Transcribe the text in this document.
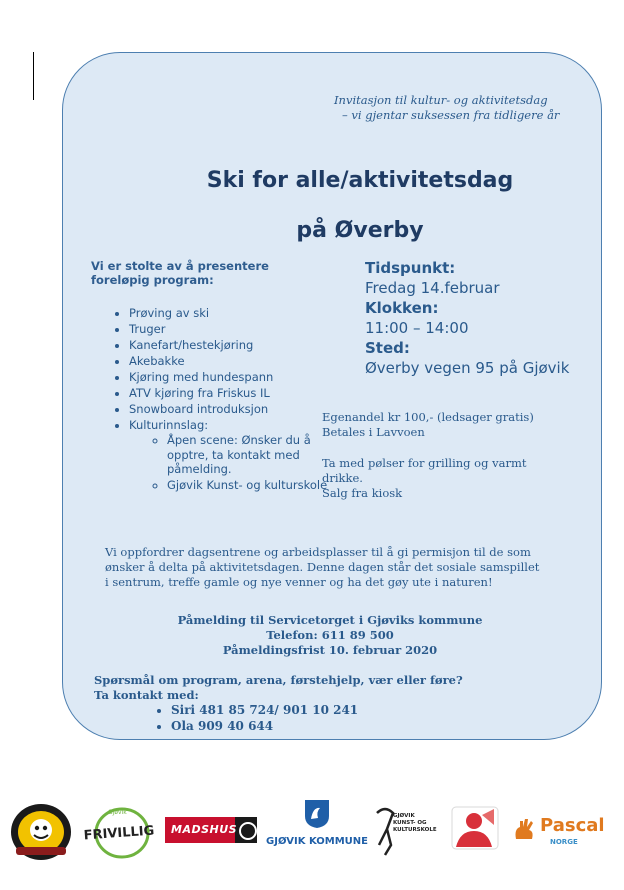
Invitasjon til kultur- og aktivitetsdag
– vi gjentar suksessen fra tidligere år
Ski for alle/aktivitetsdag
på Øverby
Vi er stolte av å presentere foreløpig program:
• Prøving av ski
• Truger
• Kanefart/hestekjøring
• Akebakke
• Kjøring med hundespann
• ATV kjøring fra Friskus IL
• Snowboard introduksjon
• Kulturinnslag:
◦ Åpen scene: Ønsker du å opptre, ta kontakt med påmelding.
◦ Gjøvik Kunst- og kulturskole
Tidspunkt:
Fredag 14.februar
Klokken:
11:00 – 14:00
Sted:
Øverby vegen 95 på Gjøvik
Egenandel kr 100,- (ledsager gratis)
Betales i Lavvoen
Ta med pølser for grilling og varmt drikke.
Salg fra kiosk
Vi oppfordrer dagsentrene og arbeidsplasser til å gi permisjon til de som ønsker å delta på aktivitetsdagen. Denne dagen står det sosiale samspillet i sentrum, treffe gamle og nye venner og ha det gøy ute i naturen!
Påmelding til Servicetorget i Gjøviks kommune
Telefon: 611 89 500
Påmeldingsfrist 10. februar 2020
Spørsmål om program, arena, førstehjelp, vær eller føre?
Ta kontakt med:
• Siri 481 85 724/ 901 10 241
• Ola 909 40 644
Gjøvik
FRIVILLIG	MADSHUS
GJØVIK KOMMUNE
GJØVIK KUNST- OG KULTURSKOLE	Pascal
NORGE
